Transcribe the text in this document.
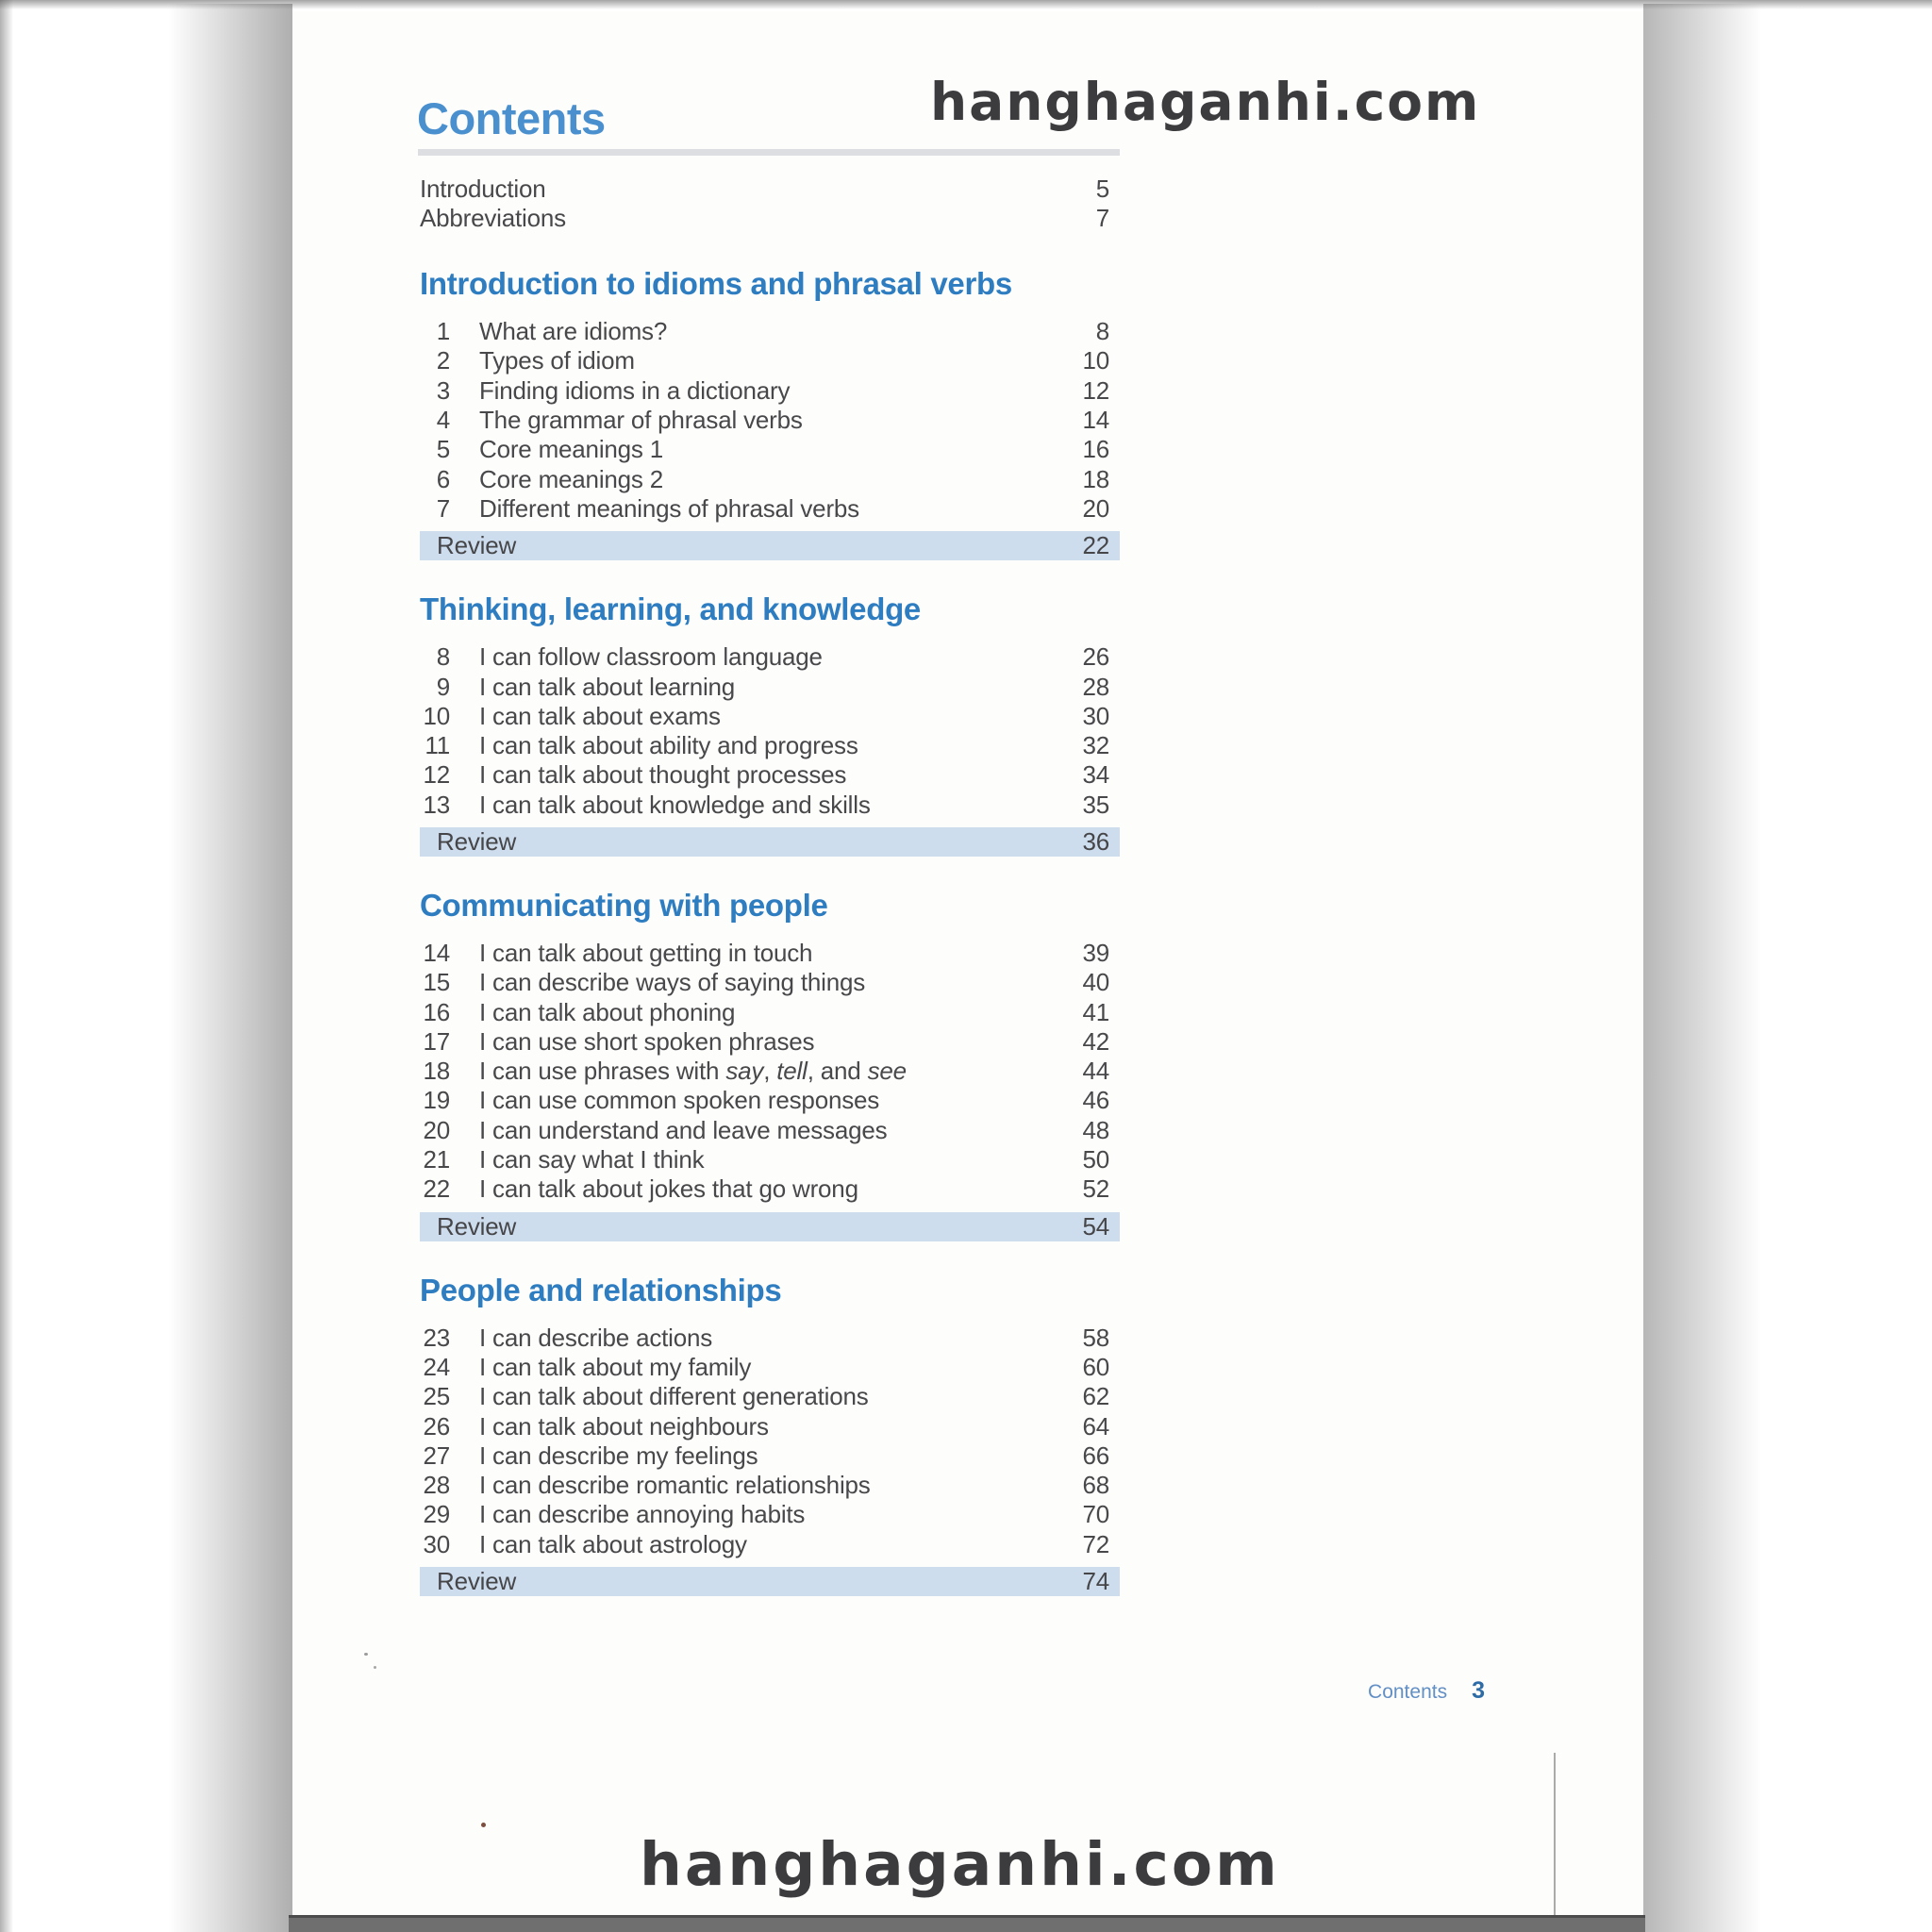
Contents	hanghaganhi.com
Introduction	5
Abbreviations	7
Introduction to idioms and phrasal verbs
1 What are idioms?	8
2 Types of idiom	10
3 Finding idioms in a dictionary	12
4 The grammar of phrasal verbs	14
5 Core meanings 1	16
6 Core meanings 2	18
7 Different meanings of phrasal verbs	20
Review	22
Thinking, learning, and knowledge
8 I can follow classroom language	26
9 I can talk about learning	28
10 I can talk about exams	30
11 I can talk about ability and progress	32
12 I can talk about thought processes	34
13 I can talk about knowledge and skills	35
Review	36
Communicating with people
14 I can talk about getting in touch	39
15 I can describe ways of saying things	40
16 I can talk about phoning	41
17 I can use short spoken phrases	42
18 I can use phrases with say, tell, and see	44
19 I can use common spoken responses	46
20 I can understand and leave messages	48
21 I can say what I think	50
22 I can talk about jokes that go wrong	52
Review	54
People and relationships
23 I can describe actions	58
24 I can talk about my family	60
25 I can talk about different generations	62
26 I can talk about neighbours	64
27 I can describe my feelings	66
28 I can describe romantic relationships	68
29 I can describe annoying habits	70
30 I can talk about astrology	72
Review	74
Contents 3
hanghaganhi.com
